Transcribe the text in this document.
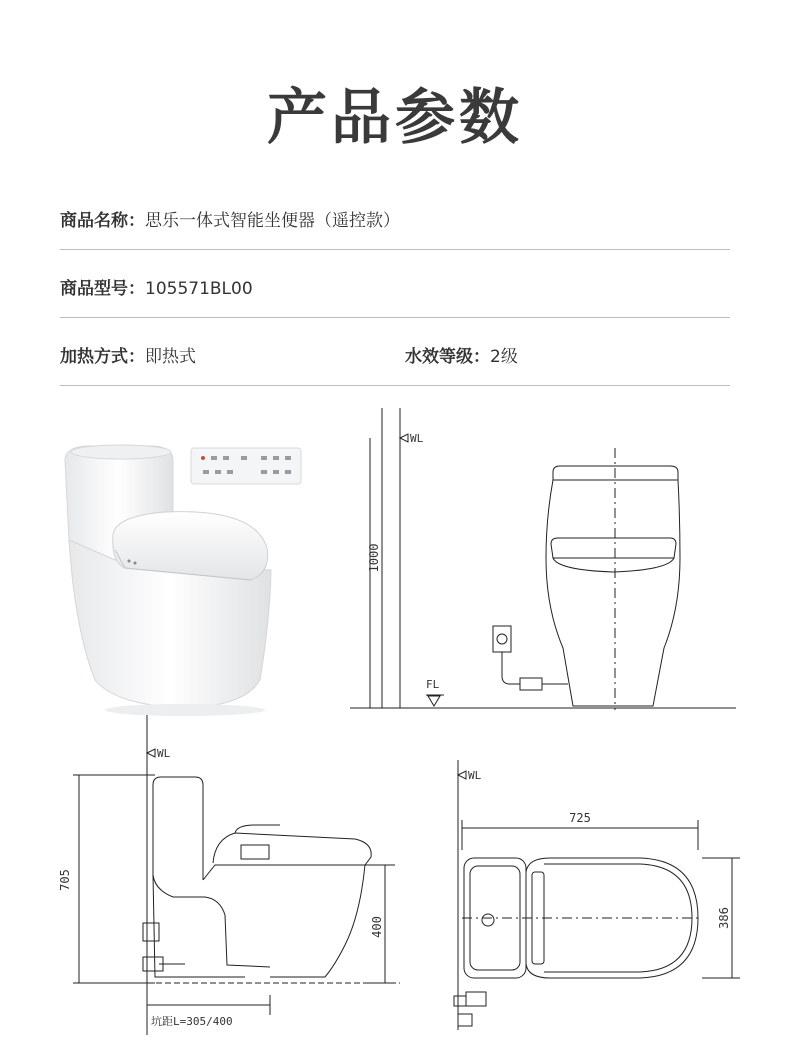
产品参数
商品名称：思乐一体式智能坐便器（遥控款）
商品型号：105571BL00
加热方式：即热式	水效等级：2级
WL
FL
1000
WL
705
400
坑距L=305/400
WL
725
386
